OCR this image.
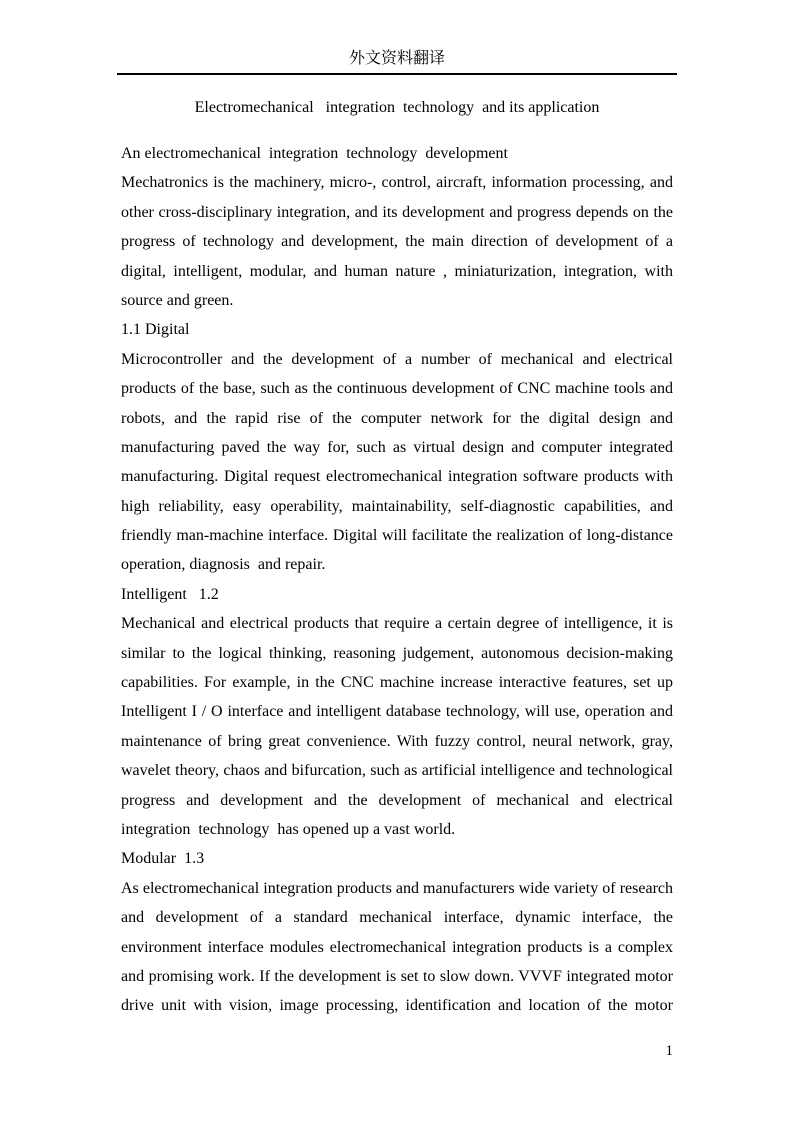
外文资料翻译
Electromechanical   integration  technology  and its application
An electromechanical  integration  technology  development
Mechatronics is the machinery, micro-, control, aircraft, information processing, and
other cross-disciplinary integration, and its development and progress depends on the
progress of technology and development, the main direction of development of a
digital, intelligent, modular, and human nature , miniaturization, integration, with
source and green.
1.1 Digital
Microcontroller and the development of a number of mechanical and electrical
products of the base, such as the continuous development of CNC machine tools and
robots, and the rapid rise of the computer network for the digital design and
manufacturing paved the way for, such as virtual design and computer integrated
manufacturing. Digital request electromechanical integration software products with
high reliability, easy operability, maintainability, self-diagnostic capabilities, and
friendly man-machine interface. Digital will facilitate the realization of long-distance
operation, diagnosis  and repair.
Intelligent   1.2
Mechanical and electrical products that require a certain degree of intelligence, it is
similar to the logical thinking, reasoning judgement, autonomous decision-making
capabilities. For example, in the CNC machine increase interactive features, set up
Intelligent I / O interface and intelligent database technology, will use, operation and
maintenance of bring great convenience. With fuzzy control, neural network, gray,
wavelet theory, chaos and bifurcation, such as artificial intelligence and technological
progress and development and the development of mechanical and electrical
integration  technology  has opened up a vast world.
Modular  1.3
As electromechanical integration products and manufacturers wide variety of research
and development of a standard mechanical interface, dynamic interface, the
environment interface modules electromechanical integration products is a complex
and promising work. If the development is set to slow down. VVVF integrated motor
drive unit with vision, image processing, identification and location of the motor
1
